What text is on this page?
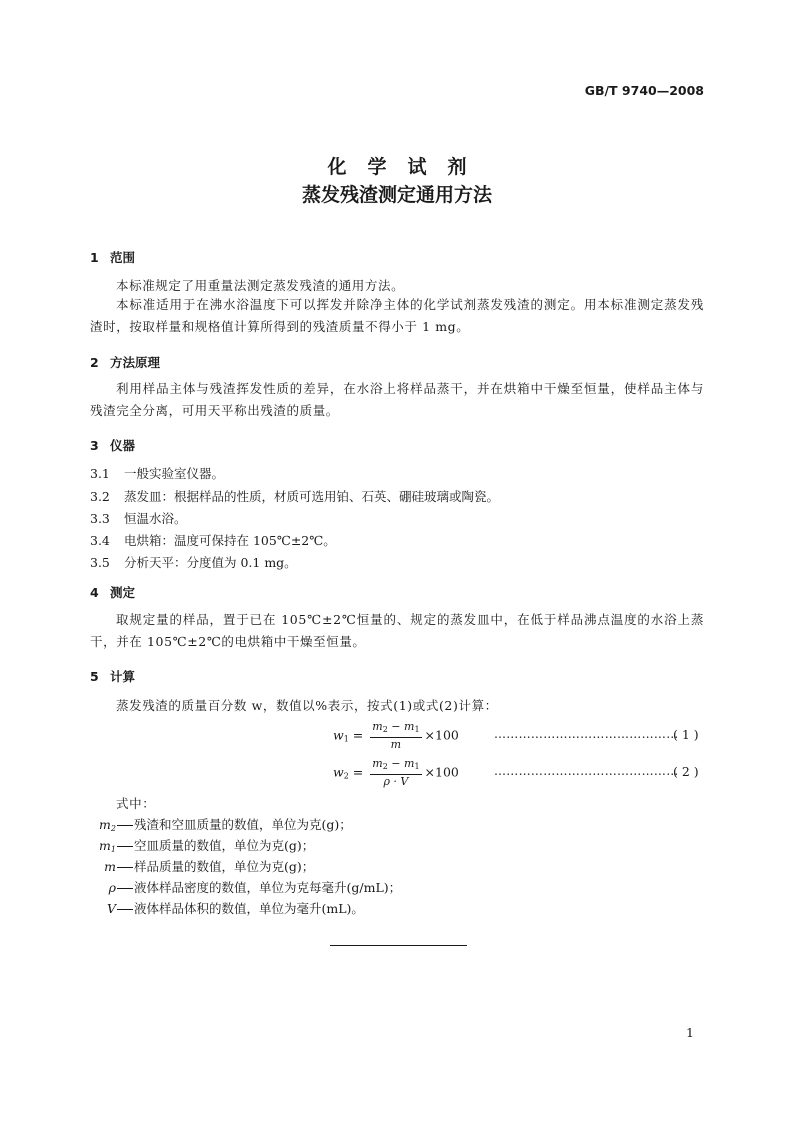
GB/T 9740—2008
化学试剂
蒸发残渣测定通用方法
1 范围
本标准规定了用重量法测定蒸发残渣的通用方法。
本标准适用于在沸水浴温度下可以挥发并除净主体的化学试剂蒸发残渣的测定。用本标准测定蒸发残渣时，按取样量和规格值计算所得到的残渣质量不得小于 1 mg。
2 方法原理
利用样品主体与残渣挥发性质的差异，在水浴上将样品蒸干，并在烘箱中干燥至恒量，使样品主体与残渣完全分离，可用天平称出残渣的质量。
3 仪器
3.1 一般实验室仪器。
3.2 蒸发皿：根据样品的性质，材质可选用铂、石英、硼硅玻璃或陶瓷。
3.3 恒温水浴。
3.4 电烘箱：温度可保持在 105℃±2℃。
3.5 分析天平：分度值为 0.1 mg。
4 测定
取规定量的样品，置于已在 105℃±2℃恒量的、规定的蒸发皿中，在低于样品沸点温度的水浴上蒸干，并在 105℃±2℃的电烘箱中干燥至恒量。
5 计算
蒸发残渣的质量百分数 w，数值以%表示，按式(1)或式(2)计算：
$w_1 = \frac{m_2 - m_1}{m} \times 100$	………………………………………
( 1 )
$w_2 = \frac{m_2 - m_1}{\rho \cdot V} \times 100$	………………………………………
( 2 )
式中：
$m_2$ 残渣和空皿质量的数值，单位为克(g)；
$m_1$ 空皿质量的数值，单位为克(g)；
m 样品质量的数值，单位为克(g)；
ρ 液体样品密度的数值，单位为克每毫升(g/mL)；
V 液体样品体积的数值，单位为毫升(mL)。
1
